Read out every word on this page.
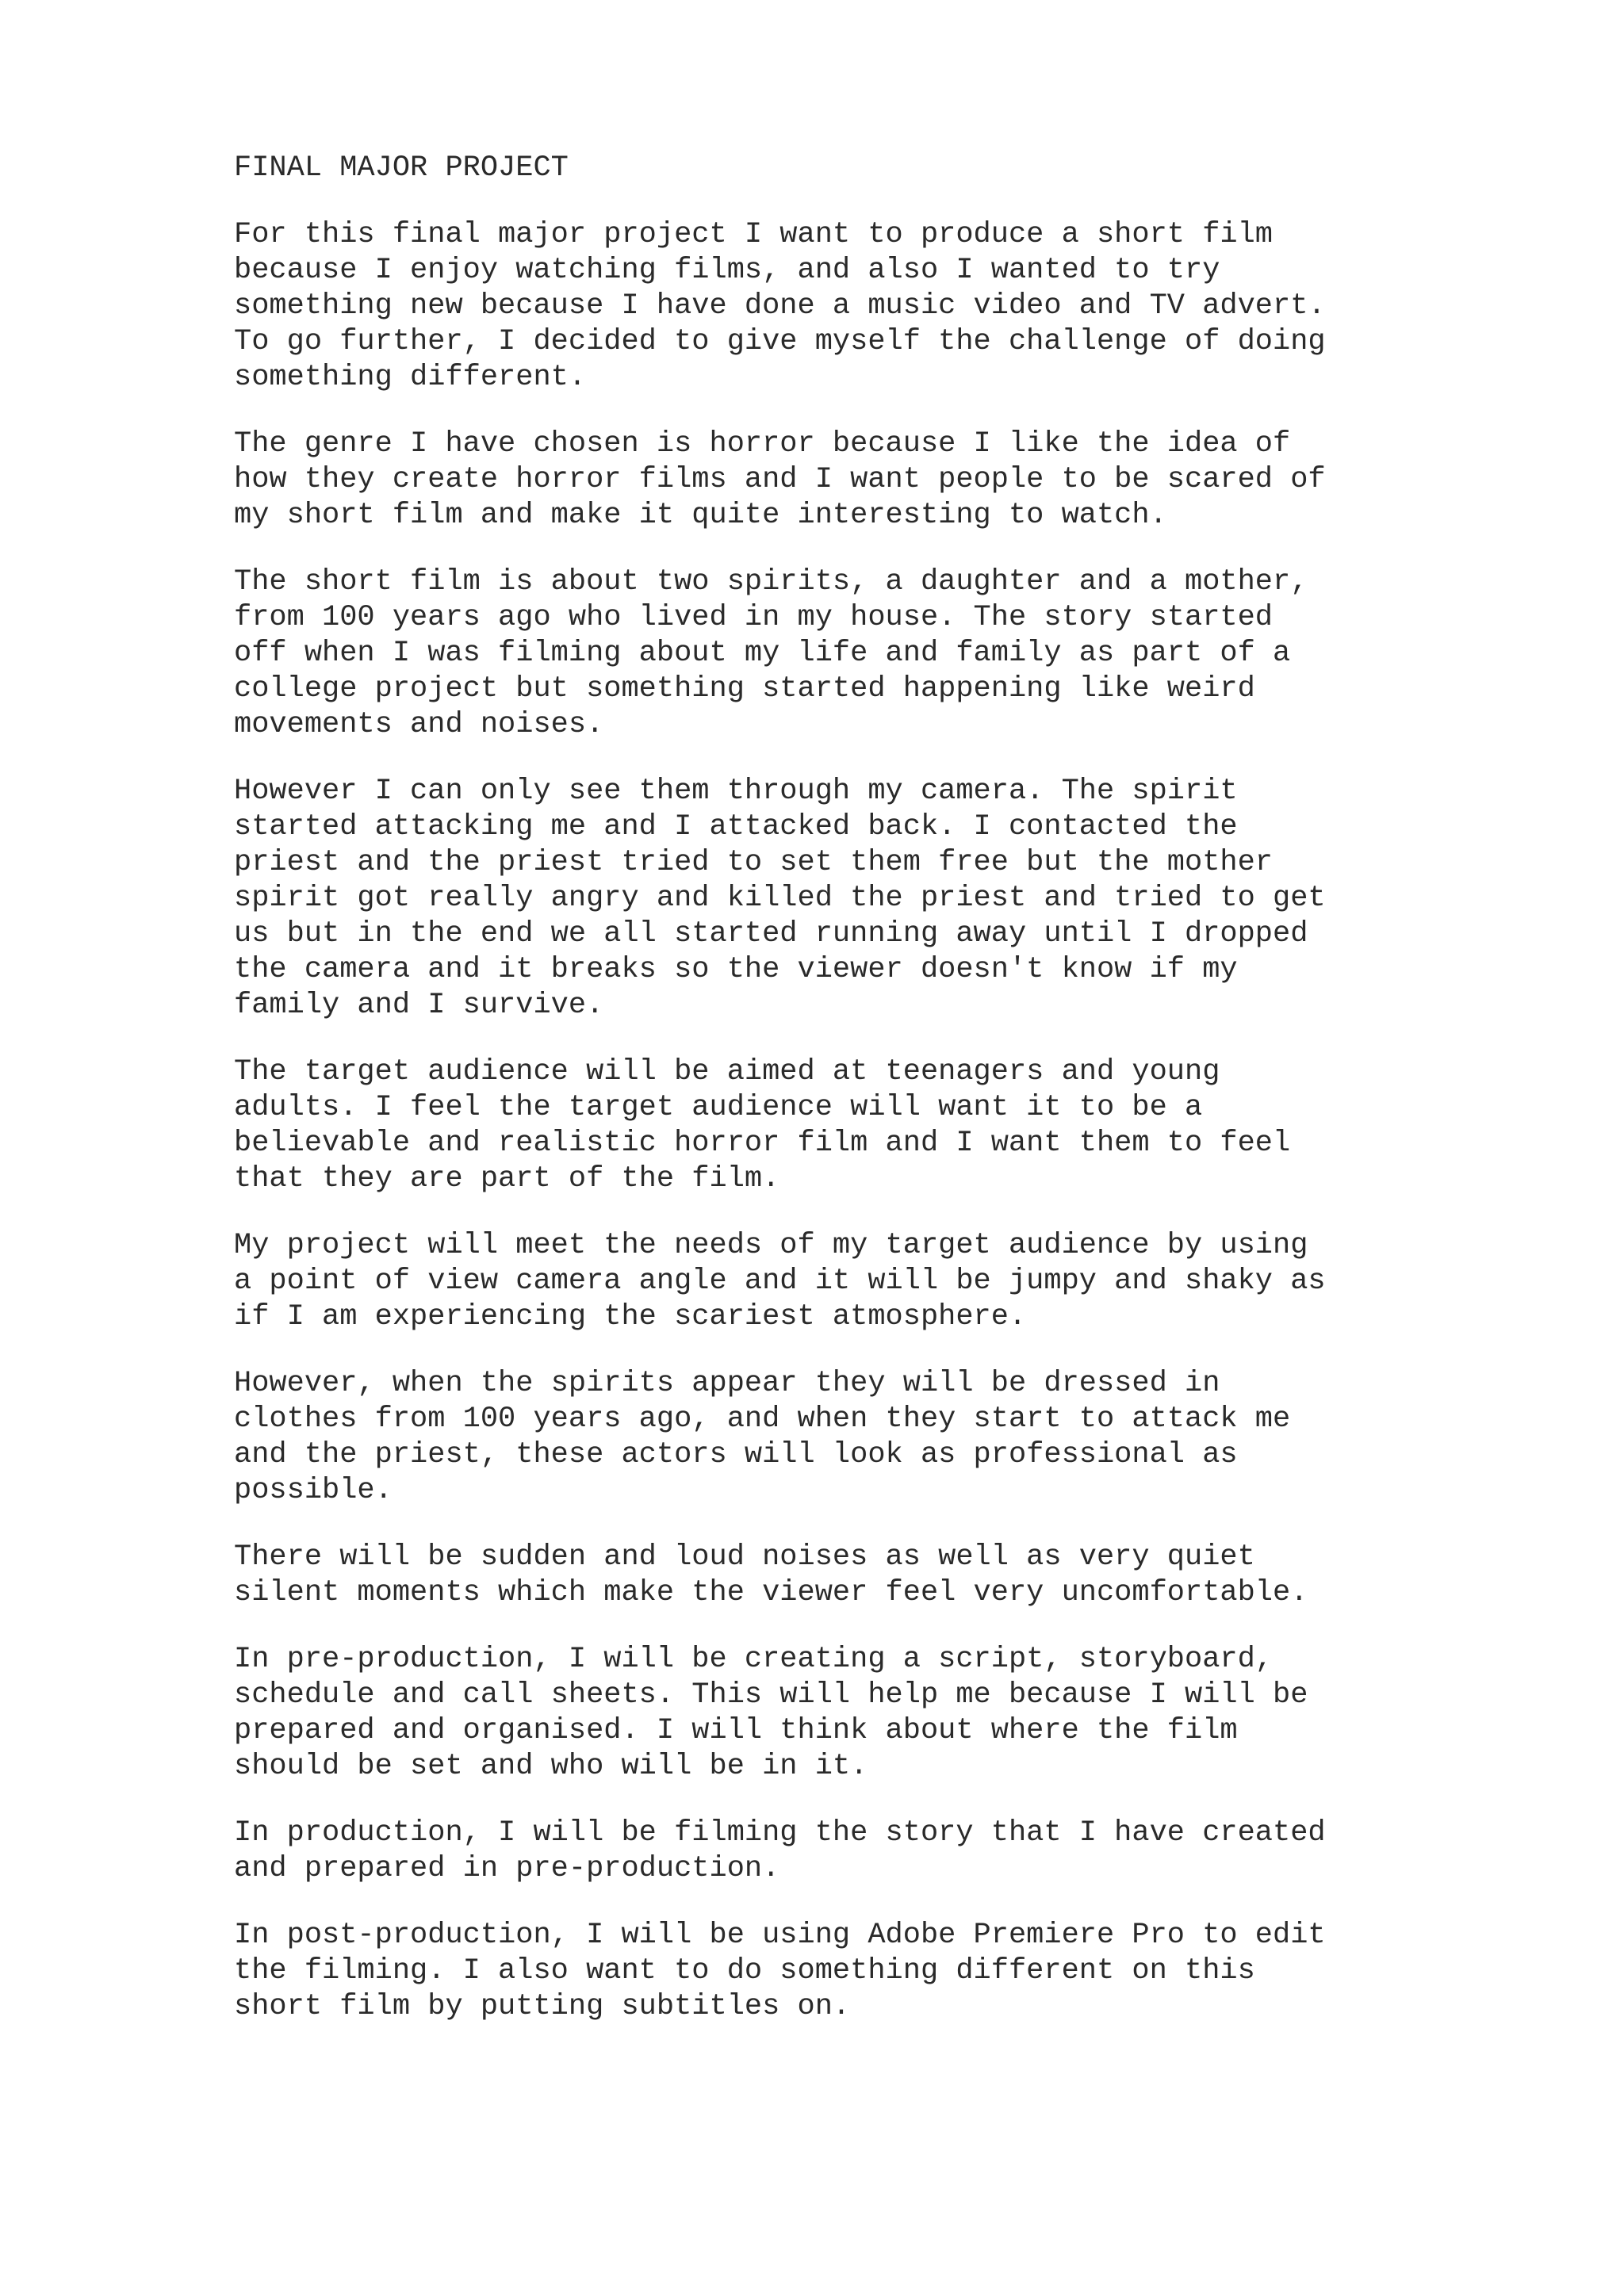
FINAL MAJOR PROJECT
For this final major project I want to produce a short film
because I enjoy watching films, and also I wanted to try
something new because I have done a music video and TV advert.
To go further, I decided to give myself the challenge of doing
something different.
The genre I have chosen is horror because I like the idea of
how they create horror films and I want people to be scared of
my short film and make it quite interesting to watch.
The short film is about two spirits, a daughter and a mother,
from 100 years ago who lived in my house. The story started
off when I was filming about my life and family as part of a
college project but something started happening like weird
movements and noises.
However I can only see them through my camera. The spirit
started attacking me and I attacked back. I contacted the
priest and the priest tried to set them free but the mother
spirit got really angry and killed the priest and tried to get
us but in the end we all started running away until I dropped
the camera and it breaks so the viewer doesn't know if my
family and I survive.
The target audience will be aimed at teenagers and young
adults. I feel the target audience will want it to be a
believable and realistic horror film and I want them to feel
that they are part of the film.
My project will meet the needs of my target audience by using
a point of view camera angle and it will be jumpy and shaky as
if I am experiencing the scariest atmosphere.
However, when the spirits appear they will be dressed in
clothes from 100 years ago, and when they start to attack me
and the priest, these actors will look as professional as
possible.
There will be sudden and loud noises as well as very quiet
silent moments which make the viewer feel very uncomfortable.
In pre-production, I will be creating a script, storyboard,
schedule and call sheets. This will help me because I will be
prepared and organised. I will think about where the film
should be set and who will be in it.
In production, I will be filming the story that I have created
and prepared in pre-production.
In post-production, I will be using Adobe Premiere Pro to edit
the filming. I also want to do something different on this
short film by putting subtitles on.
